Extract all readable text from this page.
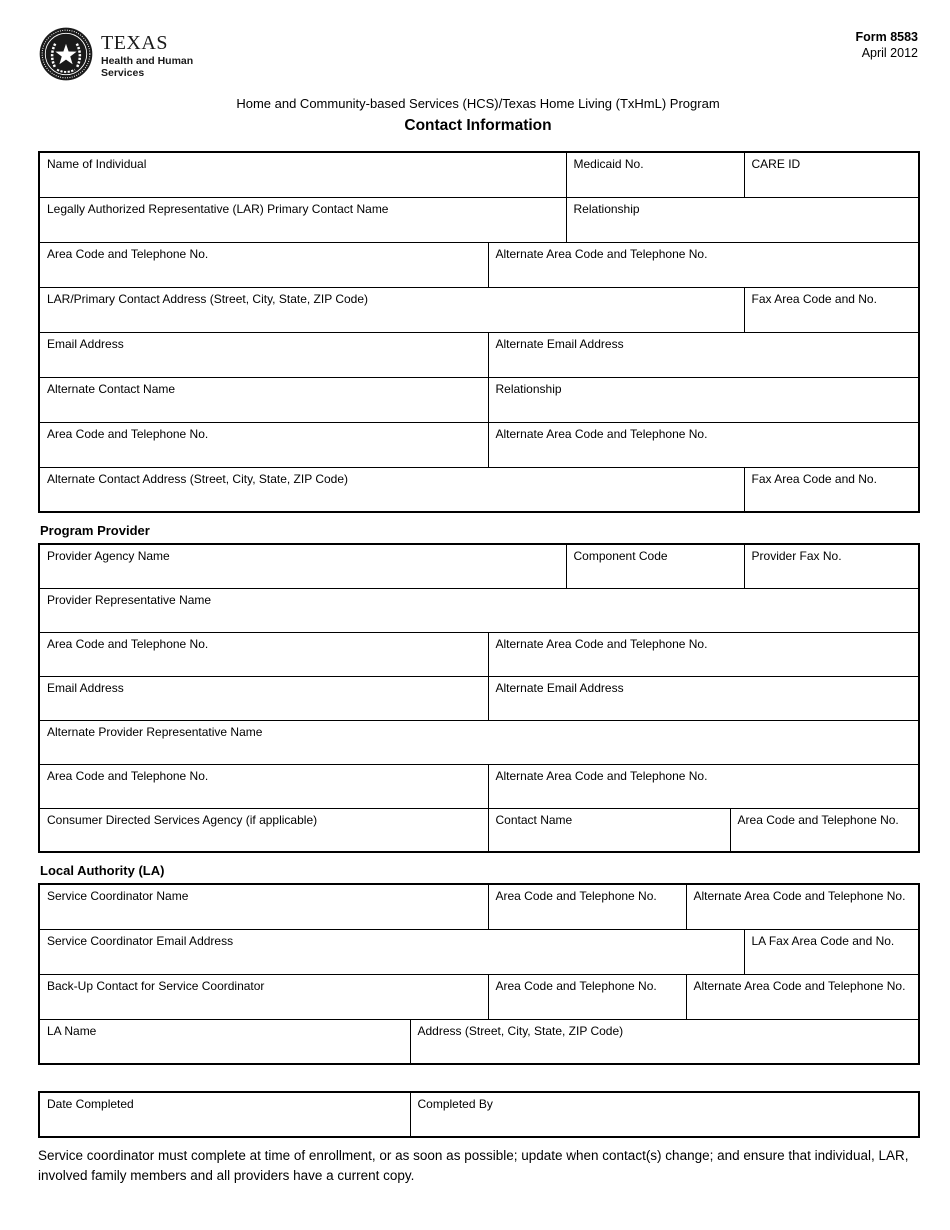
TEXAS
Health and Human
Services
Form 8583
April 2012
Home and Community-based Services (HCS)/Texas Home Living (TxHmL) Program
Contact Information
Name of Individual		Medicaid No.	CARE ID
Legally Authorized Representative (LAR) Primary Contact Name		Relationship	
Area Code and Telephone No.	Alternate Area Code and Telephone No.		
LAR/Primary Contact Address (Street, City, State, ZIP Code)			Fax Area Code and No.
Email Address	Alternate Email Address		
Alternate Contact Name	Relationship		
Area Code and Telephone No.	Alternate Area Code and Telephone No.		
Alternate Contact Address (Street, City, State, ZIP Code)			Fax Area Code and No.
Program Provider
Provider Agency Name		Component Code		Provider Fax No.
Provider Representative Name				
Area Code and Telephone No.	Alternate Area Code and Telephone No.			
Email Address	Alternate Email Address			
Alternate Provider Representative Name				
Area Code and Telephone No.	Alternate Area Code and Telephone No.			
Consumer Directed Services Agency (if applicable)	Contact Name		Area Code and Telephone No.	
Local Authority (LA)
Service Coordinator Name		Area Code and Telephone No.	Alternate Area Code and Telephone No.	
Service Coordinator Email Address				LA Fax Area Code and No.
Back-Up Contact for Service Coordinator		Area Code and Telephone No.	Alternate Area Code and Telephone No.	
LA Name	Address (Street, City, State, ZIP Code)			
Date Completed	Completed By
Service coordinator must complete at time of enrollment, or as soon as possible; update when contact(s) change; and ensure that individual, LAR, involved family members and all providers have a current copy.
